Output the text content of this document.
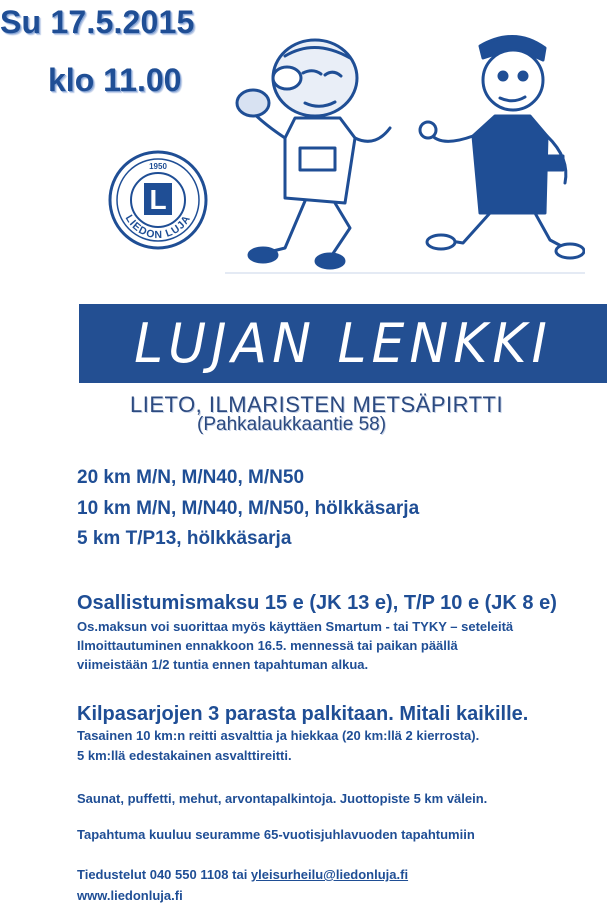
Su 17.5.2015
klo 11.00
LIEDON LUJA
1950
L
LUJAN LENKKI
LIETO, ILMARISTEN METSÄPIRTTI
(Pahkalaukkaantie 58)
20 km M/N, M/N40, M/N50
10 km M/N, M/N40, M/N50, hölkkäsarja
5 km T/P13, hölkkäsarja
Osallistumismaksu 15 e (JK 13 e), T/P 10 e (JK 8 e)
Os.maksun voi suorittaa myös käyttäen Smartum - tai TYKY – seteleitä
Ilmoittautuminen ennakkoon 16.5. mennessä tai paikan päällä
viimeistään 1/2 tuntia ennen tapahtuman alkua.
Kilpasarjojen 3 parasta palkitaan. Mitali kaikille.
Tasainen 10 km:n reitti asvalttia ja hiekkaa (20 km:llä 2 kierrosta).
5 km:llä edestakainen asvalttireitti.
Saunat, puffetti, mehut, arvontapalkintoja. Juottopiste 5 km välein.
Tapahtuma kuuluu seuramme 65-vuotisjuhlavuoden tapahtumiin
Tiedustelut 040 550 1108 tai yleisurheilu@liedonluja.fi
www.liedonluja.fi
